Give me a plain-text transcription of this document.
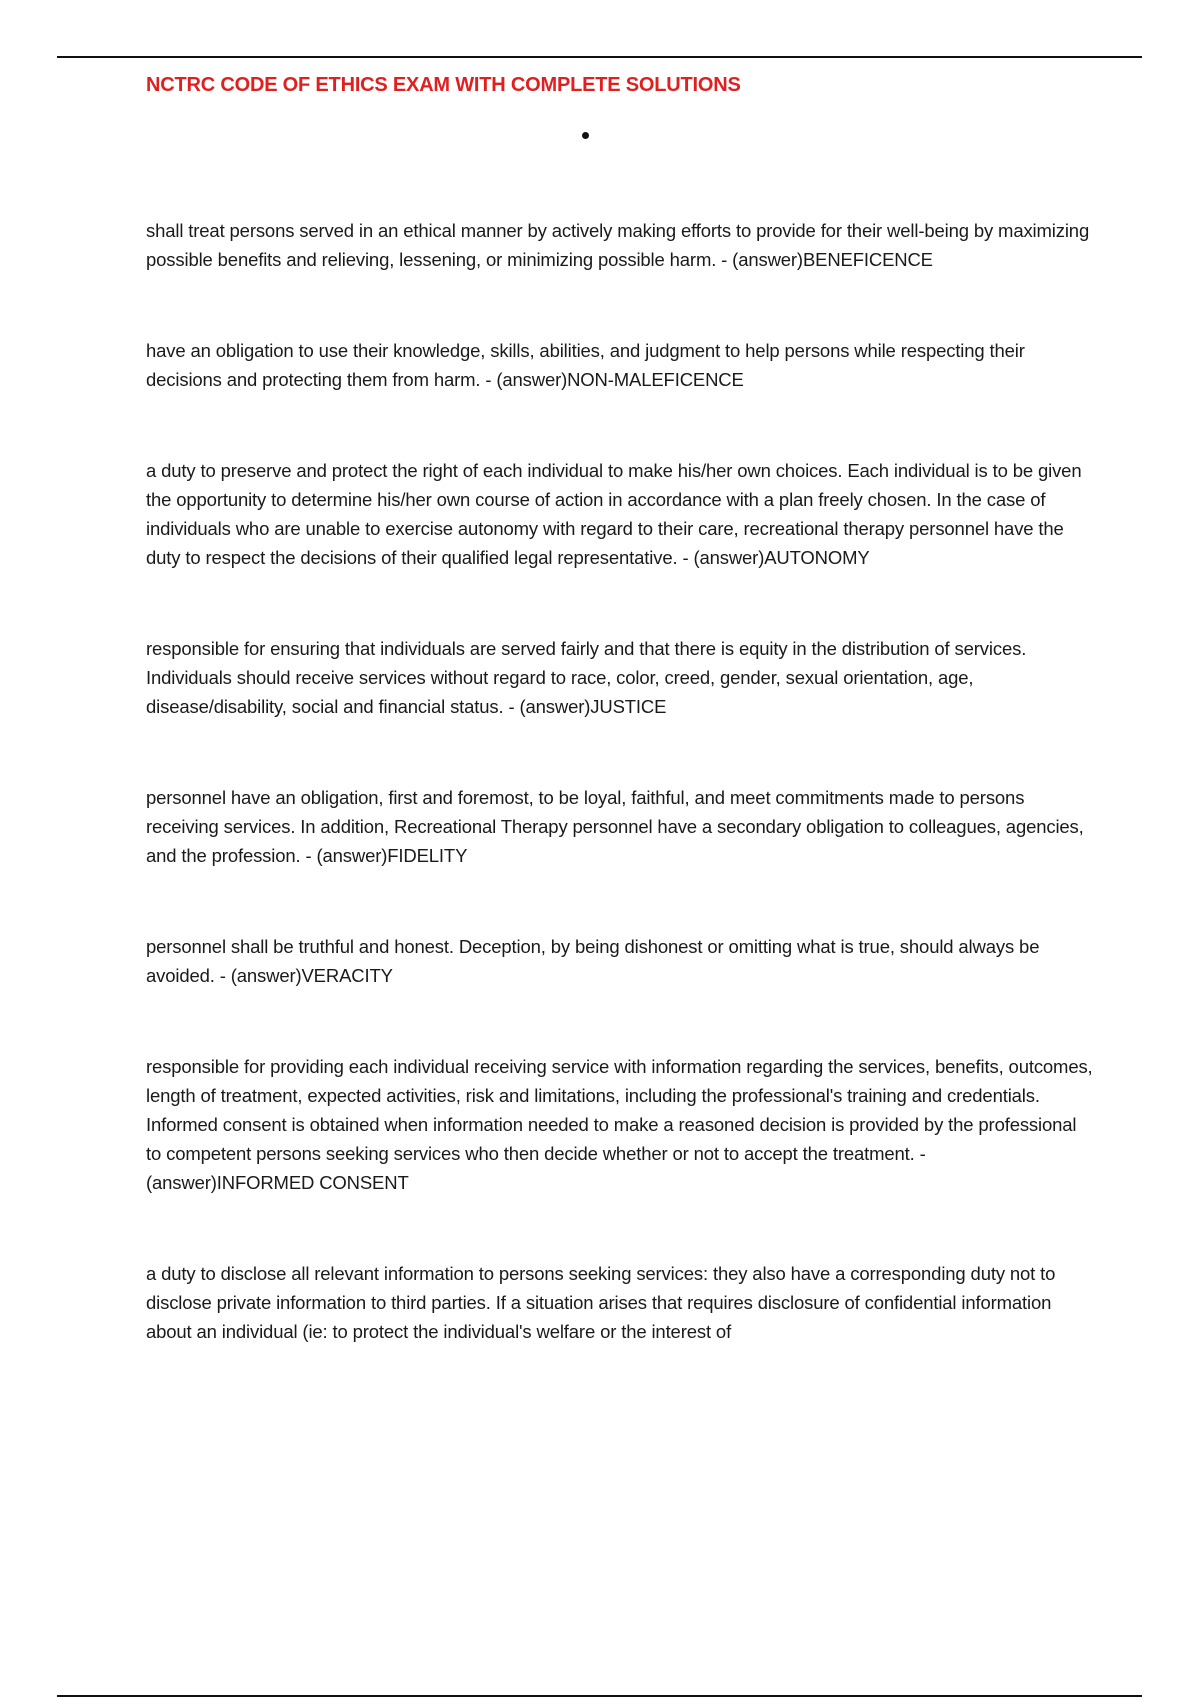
NCTRC CODE OF ETHICS EXAM WITH COMPLETE SOLUTIONS
shall treat persons served in an ethical manner by actively making efforts to provide for their well-being by maximizing possible benefits and relieving, lessening, or minimizing possible harm. - (answer)BENEFICENCE
have an obligation to use their knowledge, skills, abilities, and judgment to help persons while respecting their decisions and protecting them from harm. - (answer)NON-MALEFICENCE
a duty to preserve and protect the right of each individual to make his/her own choices. Each individual is to be given the opportunity to determine his/her own course of action in accordance with a plan freely chosen. In the case of individuals who are unable to exercise autonomy with regard to their care, recreational therapy personnel have the duty to respect the decisions of their qualified legal representative. - (answer)AUTONOMY
responsible for ensuring that individuals are served fairly and that there is equity in the distribution of services. Individuals should receive services without regard to race, color, creed, gender, sexual orientation, age, disease/disability, social and financial status. - (answer)JUSTICE
personnel have an obligation, first and foremost, to be loyal, faithful, and meet commitments made to persons receiving services. In addition, Recreational Therapy personnel have a secondary obligation to colleagues, agencies, and the profession. - (answer)FIDELITY
personnel shall be truthful and honest. Deception, by being dishonest or omitting what is true, should always be avoided. - (answer)VERACITY
responsible for providing each individual receiving service with information regarding the services, benefits, outcomes, length of treatment, expected activities, risk and limitations, including the professional's training and credentials. Informed consent is obtained when information needed to make a reasoned decision is provided by the professional to competent persons seeking services who then decide whether or not to accept the treatment. - (answer)INFORMED CONSENT
a duty to disclose all relevant information to persons seeking services: they also have a corresponding duty not to disclose private information to third parties. If a situation arises that requires disclosure of confidential information about an individual (ie: to protect the individual's welfare or the interest of
